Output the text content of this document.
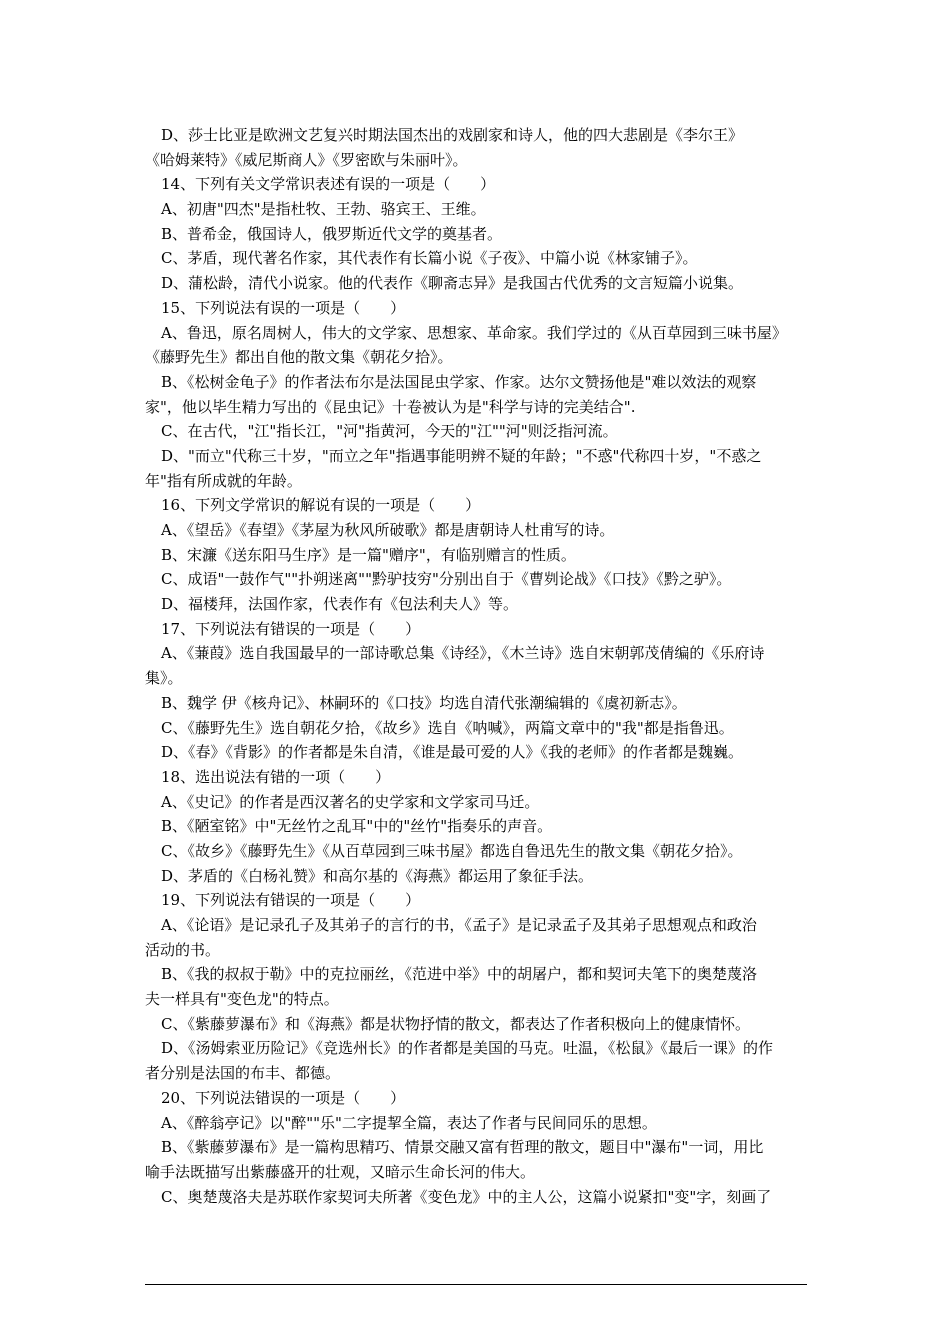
D、莎士比亚是欧洲文艺复兴时期法国杰出的戏剧家和诗人，他的四大悲剧是《李尔王》
《哈姆莱特》《威尼斯商人》《罗密欧与朱丽叶》。
14、下列有关文学常识表述有误的一项是（　　）
A、初唐"四杰"是指杜牧、王勃、骆宾王、王维。
B、普希金，俄国诗人，俄罗斯近代文学的奠基者。
C、茅盾，现代著名作家，其代表作有长篇小说《子夜》、中篇小说《林家铺子》。
D、蒲松龄，清代小说家。他的代表作《聊斋志异》是我国古代优秀的文言短篇小说集。
15、下列说法有误的一项是（　　）
A、鲁迅，原名周树人，伟大的文学家、思想家、革命家。我们学过的《从百草园到三味书屋》
《藤野先生》都出自他的散文集《朝花夕拾》。
B、《松树金龟子》的作者法布尔是法国昆虫学家、作家。达尔文赞扬他是"难以效法的观察
家"，他以毕生精力写出的《昆虫记》十卷被认为是"科学与诗的完美结合".
C、在古代，"江"指长江，"河"指黄河，今天的"江""河"则泛指河流。
D、"而立"代称三十岁，"而立之年"指遇事能明辨不疑的年龄；"不惑"代称四十岁，"不惑之
年"指有所成就的年龄。
16、下列文学常识的解说有误的一项是（　　）
A、《望岳》《春望》《茅屋为秋风所破歌》都是唐朝诗人杜甫写的诗。
B、宋濂《送东阳马生序》是一篇"赠序"，有临别赠言的性质。
C、成语"一鼓作气""扑朔迷离""黔驴技穷"分别出自于《曹刿论战》《口技》《黔之驴》。
D、福楼拜，法国作家，代表作有《包法利夫人》等。
17、下列说法有错误的一项是（　　）
A、《蒹葭》选自我国最早的一部诗歌总集《诗经》，《木兰诗》选自宋朝郭茂倩编的《乐府诗
集》。
B、魏学 伊《核舟记》、林嗣环的《口技》均选自清代张潮编辑的《虞初新志》。
C、《藤野先生》选自朝花夕拾，《故乡》选自《呐喊》，两篇文章中的"我"都是指鲁迅。
D、《春》《背影》的作者都是朱自清，《谁是最可爱的人》《我的老师》的作者都是魏巍。
18、选出说法有错的一项（　　）
A、《史记》的作者是西汉著名的史学家和文学家司马迁。
B、《陋室铭》中"无丝竹之乱耳"中的"丝竹"指奏乐的声音。
C、《故乡》《藤野先生》《从百草园到三味书屋》都选自鲁迅先生的散文集《朝花夕拾》。
D、茅盾的《白杨礼赞》和高尔基的《海燕》都运用了象征手法。
19、下列说法有错误的一项是（　　）
A、《论语》是记录孔子及其弟子的言行的书，《孟子》是记录孟子及其弟子思想观点和政治
活动的书。
B、《我的叔叔于勒》中的克拉丽丝，《范进中举》中的胡屠户，都和契诃夫笔下的奥楚蔑洛
夫一样具有"变色龙"的特点。
C、《紫藤萝瀑布》和《海燕》都是状物抒情的散文，都表达了作者积极向上的健康情怀。
D、《汤姆索亚历险记》《竞选州长》的作者都是美国的马克。吐温，《松鼠》《最后一课》的作
者分别是法国的布丰、都德。
20、下列说法错误的一项是（　　）
A、《醉翁亭记》以"醉""乐"二字提挈全篇，表达了作者与民间同乐的思想。
B、《紫藤萝瀑布》是一篇构思精巧、情景交融又富有哲理的散文，题目中"瀑布"一词，用比
喻手法既描写出紫藤盛开的壮观，又暗示生命长河的伟大。
C、奥楚蔑洛夫是苏联作家契诃夫所著《变色龙》中的主人公，这篇小说紧扣"变"字，刻画了
